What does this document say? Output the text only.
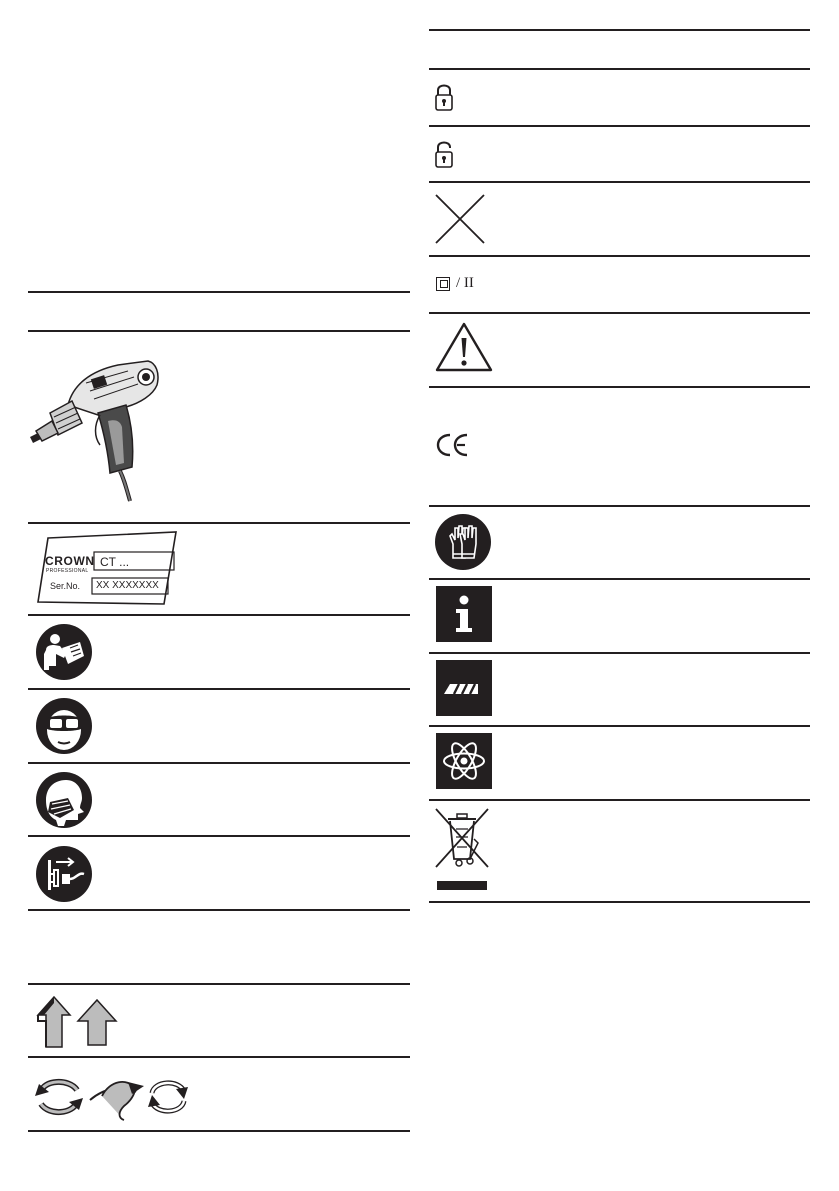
CROWN
PROFESSIONAL
CT ...
Ser.No. XX XXXXXXX
/ II
